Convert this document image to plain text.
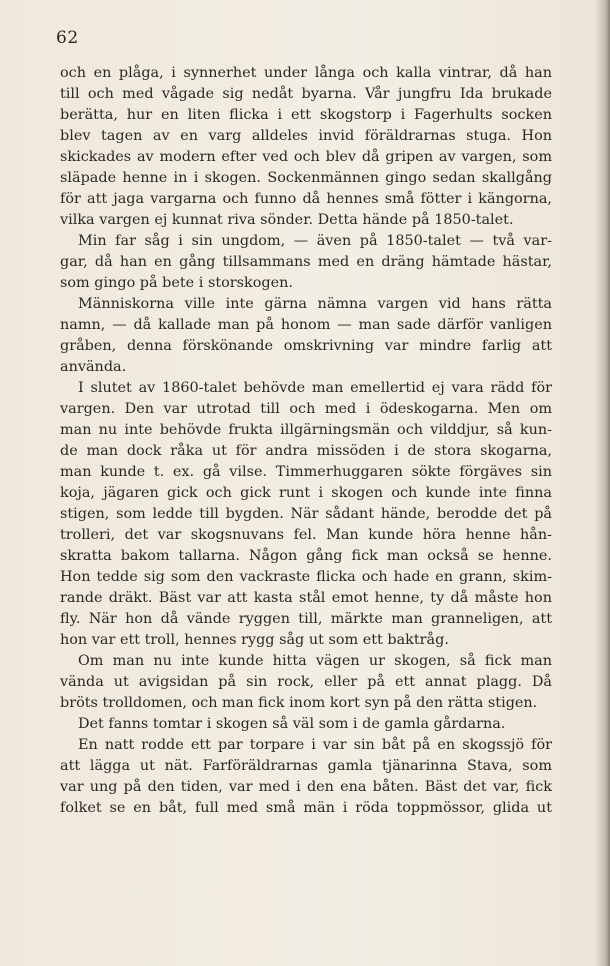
62
och en plåga, i synnerhet under långa och kalla vintrar, då han
till och med vågade sig nedåt byarna. Vår jungfru Ida brukade
berätta, hur en liten flicka i ett skogstorp i Fagerhults socken
blev tagen av en varg alldeles invid föräldrarnas stuga. Hon
skickades av modern efter ved och blev då gripen av vargen, som
släpade henne in i skogen. Sockenmännen gingo sedan skallgång
för att jaga vargarna och funno då hennes små fötter i kängorna,
vilka vargen ej kunnat riva sönder. Detta hände på 1850-talet.
Min far såg i sin ungdom, — även på 1850-talet — två var-
gar, då han en gång tillsammans med en dräng hämtade hästar,
som gingo på bete i storskogen.
Människorna ville inte gärna nämna vargen vid hans rätta
namn, — då kallade man på honom — man sade därför vanligen
gråben, denna förskönande omskrivning var mindre farlig att
använda.
I slutet av 1860-talet behövde man emellertid ej vara rädd för
vargen. Den var utrotad till och med i ödeskogarna. Men om
man nu inte behövde frukta illgärningsmän och vilddjur, så kun-
de man dock råka ut för andra missöden i de stora skogarna,
man kunde t. ex. gå vilse. Timmerhuggaren sökte förgäves sin
koja, jägaren gick och gick runt i skogen och kunde inte finna
stigen, som ledde till bygden. När sådant hände, berodde det på
trolleri, det var skogsnuvans fel. Man kunde höra henne hån-
skratta bakom tallarna. Någon gång fick man också se henne.
Hon tedde sig som den vackraste flicka och hade en grann, skim-
rande dräkt. Bäst var att kasta stål emot henne, ty då måste hon
fly. När hon då vände ryggen till, märkte man granneligen, att
hon var ett troll, hennes rygg såg ut som ett baktråg.
Om man nu inte kunde hitta vägen ur skogen, så fick man
vända ut avigsidan på sin rock, eller på ett annat plagg. Då
bröts trolldomen, och man fick inom kort syn på den rätta stigen.
Det fanns tomtar i skogen så väl som i de gamla gårdarna.
En natt rodde ett par torpare i var sin båt på en skogssjö för
att lägga ut nät. Farföräldrarnas gamla tjänarinna Stava, som
var ung på den tiden, var med i den ena båten. Bäst det var, fick
folket se en båt, full med små män i röda toppmössor, glida ut
